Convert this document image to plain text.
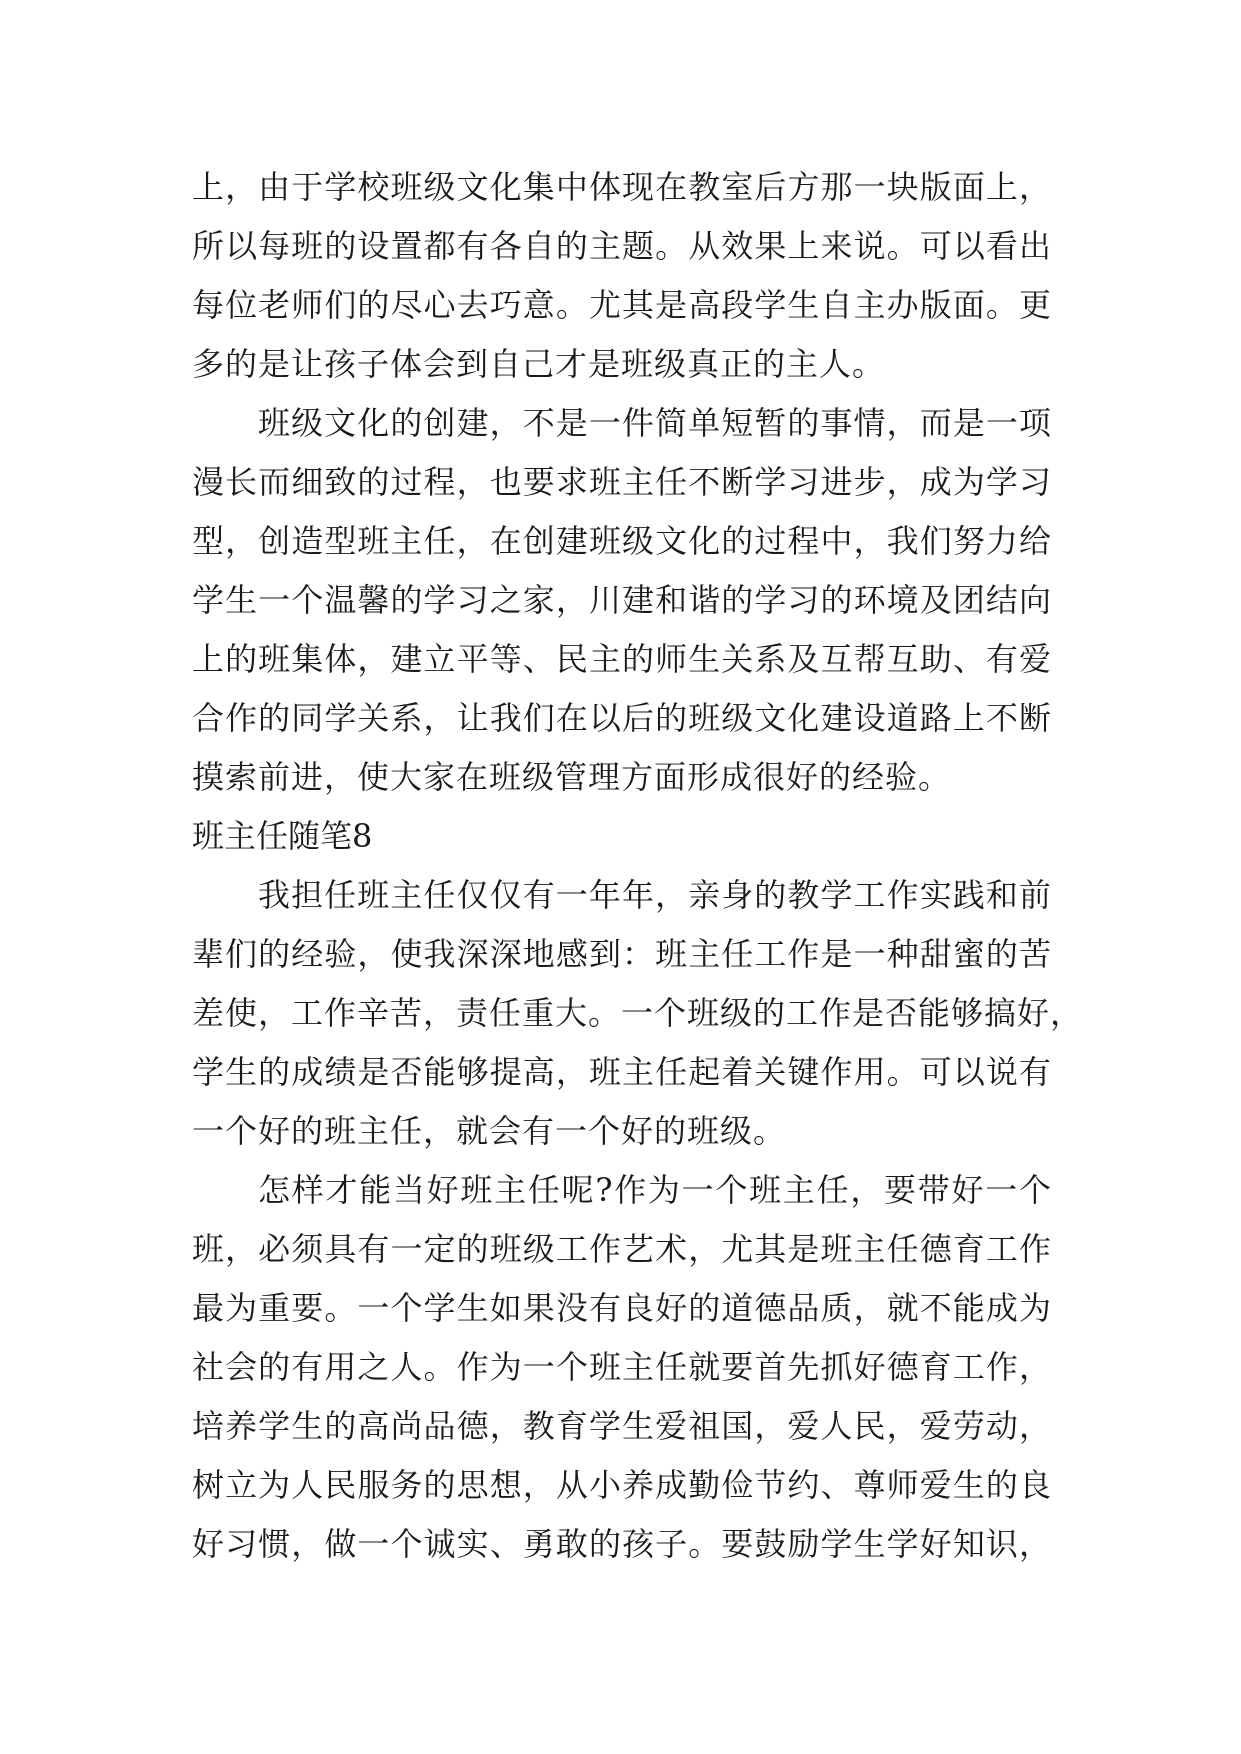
上，由于学校班级文化集中体现在教室后方那一块版面上，
所以每班的设置都有各自的主题。从效果上来说。可以看出
每位老师们的尽心去巧意。尤其是高段学生自主办版面。更
多的是让孩子体会到自己才是班级真正的主人。
班级文化的创建，不是一件简单短暂的事情，而是一项
漫长而细致的过程，也要求班主任不断学习进步，成为学习
型，创造型班主任，在创建班级文化的过程中，我们努力给
学生一个温馨的学习之家，川建和谐的学习的环境及团结向
上的班集体，建立平等、民主的师生关系及互帮互助、有爱
合作的同学关系，让我们在以后的班级文化建设道路上不断
摸索前进，使大家在班级管理方面形成很好的经验。
班主任随笔8
我担任班主任仅仅有一年年，亲身的教学工作实践和前
辈们的经验，使我深深地感到：班主任工作是一种甜蜜的苦
差使，工作辛苦，责任重大。一个班级的工作是否能够搞好，
学生的成绩是否能够提高，班主任起着关键作用。可以说有
一个好的班主任，就会有一个好的班级。
怎样才能当好班主任呢?作为一个班主任，要带好一个
班，必须具有一定的班级工作艺术，尤其是班主任德育工作
最为重要。一个学生如果没有良好的道德品质，就不能成为
社会的有用之人。作为一个班主任就要首先抓好德育工作，
培养学生的高尚品德，教育学生爱祖国，爱人民，爱劳动，
树立为人民服务的思想，从小养成勤俭节约、尊师爱生的良
好习惯，做一个诚实、勇敢的孩子。要鼓励学生学好知识，
